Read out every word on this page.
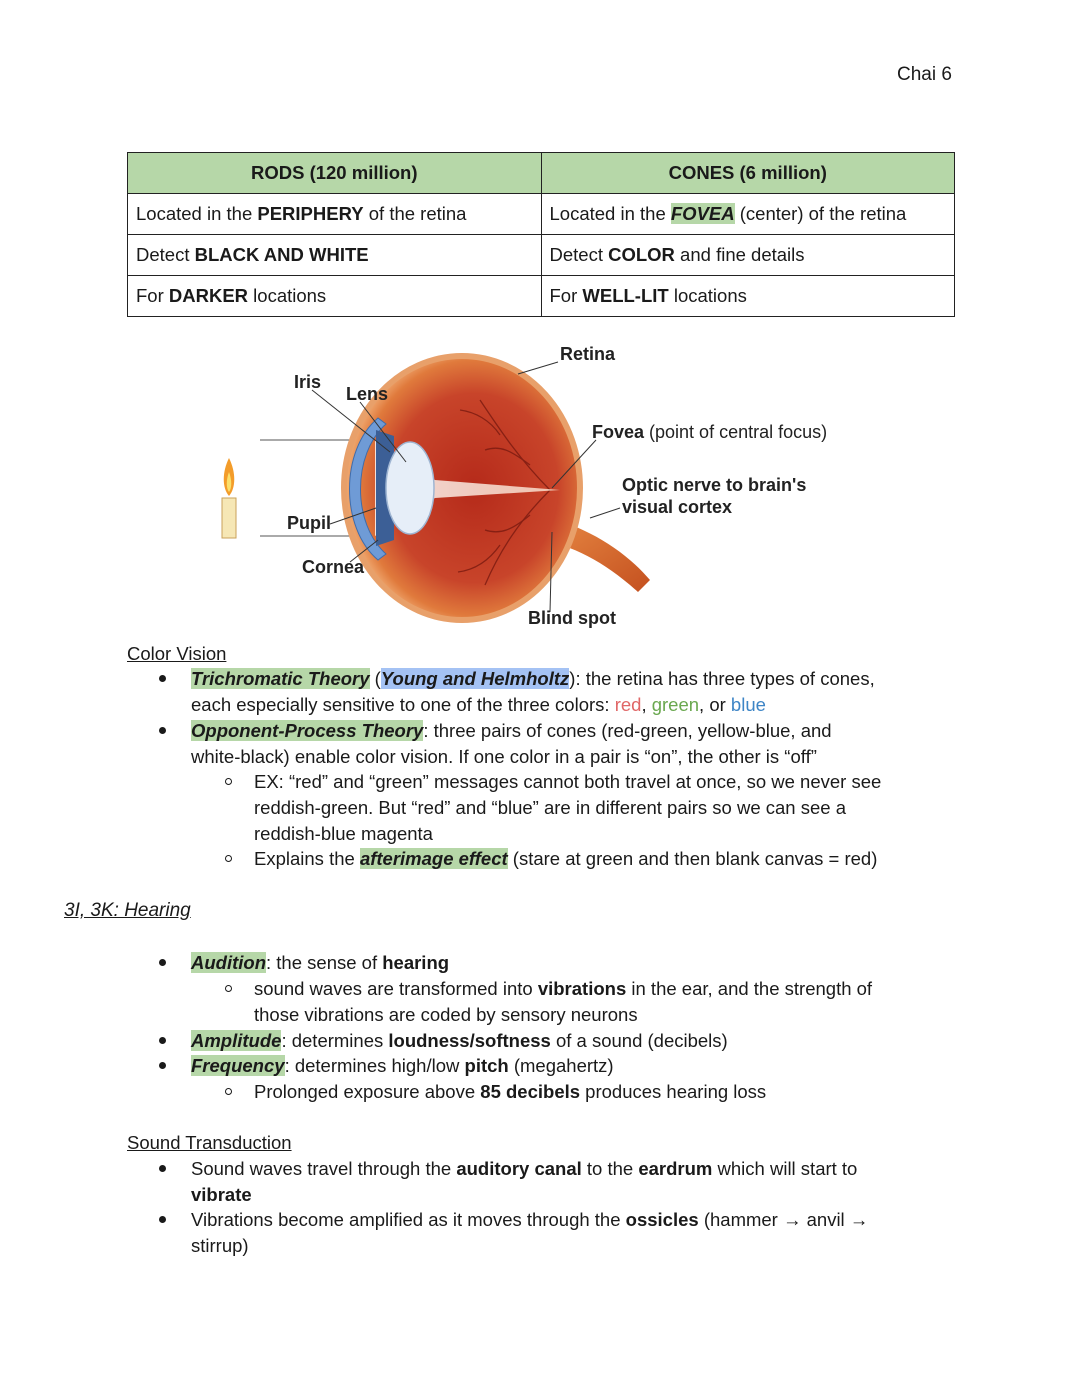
Chai 6
RODS (120 million)	CONES (6 million)
Located in the PERIPHERY of the retina	Located in the FOVEA (center) of the retina
Detect BLACK AND WHITE	Detect COLOR and fine details
For DARKER locations	For WELL-LIT locations
Retina
Iris
Lens
Fovea (point of central focus)
Optic nerve to brain's
visual cortex
Pupil
Cornea
Blind spot
Color Vision
Trichromatic Theory (Young and Helmholtz): the retina has three types of cones,
each especially sensitive to one of the three colors: red, green, or blue
Opponent-Process Theory: three pairs of cones (red-green, yellow-blue, and
white-black) enable color vision. If one color in a pair is “on”, the other is “off”
EX: “red” and “green” messages cannot both travel at once, so we never see
reddish-green. But “red” and “blue” are in different pairs so we can see a
reddish-blue magenta
Explains the afterimage effect (stare at green and then blank canvas = red)
3I, 3K: Hearing
Audition: the sense of hearing
sound waves are transformed into vibrations in the ear, and the strength of
those vibrations are coded by sensory neurons
Amplitude: determines loudness/softness of a sound (decibels)
Frequency: determines high/low pitch (megahertz)
Prolonged exposure above 85 decibels produces hearing loss
Sound Transduction
Sound waves travel through the auditory canal to the eardrum which will start to
vibrate
Vibrations become amplified as it moves through the ossicles (hammer → anvil →
stirrup)
